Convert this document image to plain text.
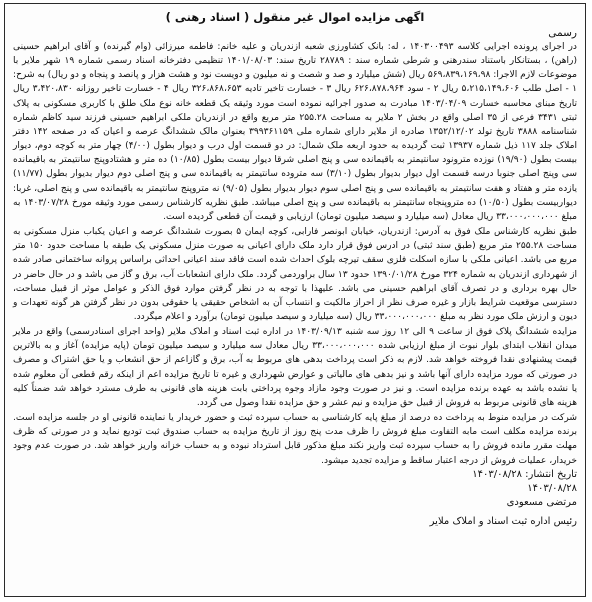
اگهی مزایده اموال غیر منقول ( اسناد رهنی )
رسمی

در اجرای پرونده اجرایی کلاسه ۱۴۰۳۰۰۴۹۳ ، له: بانک کشاورزی شعبه ازندریان و علیه خانم: فاطمه میرزائی (وام گیرنده) و آقای ابراهیم حسینی (راهن) ، بستانکار باستناد سندرهنی و شرطی شماره سند : ۲۸۷۸۹ تاریخ سند: ۱۴۰۱/۰۸/۰۳ تنظیمی دفترخانه اسناد رسمی شماره ۱۹ شهر ملایر با موضوعات لازم الاجرا: ۵۶۹،۸۳۹،۱۶۹،۹۸ ریال (شش میلیارد و صد و شصت و نه میلیون و دویست نود و هشت هزار و پانصد و پنجاه و دو ریال) به شرح: ۱ - اصل طلب ۵،۲۱۵،۱۴۹،۶۰۶ ریال ۲ - سود ۶۲۶،۸۷۸،۹۶۴ ریال ۳ - خسارت تاخیر تادیه ۳۲۶،۸۶۸،۶۵۳ ریال ۴ - خسارت تاخیر روزانه ۳،۴۲۰،۸۳۰ ریال تاریخ مبنای محاسبه خسارت ۱۴۰۳/۰۴/۰۹ مبادرت به صدور اجرائیه نموده است مورد وثیقه یک قطعه خانه نوع ملک طلق با کاربری مسکونی به پلاک ثبتی ۳۴۳۱ فرعی از ۳۵ اصلی واقع در بخش ۲ ملایر به مساحت ۲۵۵.۲۸ متر مربع واقع در ازندریان ملکی ابراهیم حسینی فرزند سید کاظم شماره شناسنامه ۳۸۸۸ تاریخ تولد ۱۳۵۲/۱۲/۰۲ صادره از ملایر دارای شماره ملی ۳۹۹۳۶۱۱۵۹ بعنوان مالک ششدانگ عرصه و اعیان که در صفحه ۱۴۲ دفتر املاک جلد ۱۱۷ ذیل شماره ۱۳۹۳۷ ثبت گردیده به حدود اربعه ملک شمال: در دو قسمت اول درب و دیوار بطول (۴/۰۰) چهار متر به کوچه دوم، دیوار بیست بطول (۱۹/۹۰) نوزده مترونود سانتیمتر به باقیمانده سی و پنج اصلی شرقا دیوار بیست بطول (۱۰/۸۵) ده متر و هشتادوپنج سانتیمتر به باقیمانده سی وپنج اصلی جنوبا درسه قسمت اول دیوار بدیوار بطول (۳/۱۰) سه متروده سانتیمتر به باقیمانده سی و پنج اصلی دوم دیوار بدیوار بطول (۱۱/۷۷) یازده متر و هفتاد و هفت سانتیمتر به باقیمانده سی و پنج اصلی سوم دیوار بدیوار بطول (۹/۰۵) نه متروپنج سانتیمتر به باقیمانده سی و پنج اصلی، غربا: دیواربیست بطول (۱۰/۵۰) ده متروپنجاه سانتیمتر به باقیمانده سی و پنج اصلی میباشد. طبق نظریه کارشناس رسمی مورد وثیقه مورخ ۱۴۰۳/۰۷/۲۸ به مبلغ ۳۳،۰۰۰،۰۰۰،۰۰۰ ریال معادل (سه میلیارد و سیصد میلیون تومان) ارزیابی و قیمت آن قطعی گردیده است.

طبق نظریه کارشناس ملک فوق به آدرس: ازندریان، خیابان ابونصر فارابی، کوچه ایمان ۵ بصورت ششدانگ عرصه و اعیان یکباب منزل مسکونی به مساحت ۲۵۵.۲۸ متر مربع (طبق سند ثبتی) در ادرس فوق قرار دارد ملک دارای اعیانی به صورت منزل مسکونی یک طبقه با مساحت حدود ۱۵۰ متر مربع می باشد. اعیانی ملکی با سازه اسکلت فلزی سقف تیرچه بلوک احداث شده است فاقد سند اعیانی احداثی براساس پروانه ساختمانی صادر شده از شهرداری ازندریان به شماره ۳۲۴ مورخ ۱۳۹۰/۰۱/۲۸ حدود ۱۳ سال براوردمی گردد. ملک دارای انشعابات آب، برق و گاز می باشد و در حال حاضر در حال بهره برداری و در تصرف آقای ابراهیم حسینی می باشد. علیهذا با توجه به در نظر گرفتن موارد فوق الذکر و عوامل موثر از قبیل مساحت، دسترسی موقعیت شرایط بازار و غیره صرف نظر از احراز مالکیت و انتساب آن به اشخاص حقیقی یا حقوقی بدون در نظر گرفتن هر گونه تعهدات و دیون و ارزش ملک مورد نظر به مبلغ ۳۳،۰۰۰،۰۰۰،۰۰۰ ریال (سه میلیارد و سیصد میلیون تومان) برآورد و اعلام میگردد.

مزایده ششدانگ پلاک فوق از ساعت ۹ الی ۱۲ روز سه شنبه ۱۴۰۳/۰۹/۱۳ در اداره ثبت اسناد و املاک ملایر (واحد اجرای اسنادرسمی) واقع در ملایر میدان انقلاب ابتدای بلوار نبوت از مبلغ ارزیابی شده ۳۳،۰۰۰،۰۰۰،۰۰۰ ریال معادل سه میلیارد و سیصد میلیون تومان (پایه مزایده) آغاز و به بالاترین قیمت پیشنهادی نقدا فروخته خواهد شد. لازم به ذکر است پرداخت بدهی های مربوط به آب، برق و گازاعم از حق انشعاب و یا حق اشتراک و مصرف در صورتی که مورد مزایده دارای آنها باشد و نیز بدهی های مالیاتی و عوارض شهرداری و غیره تا تاریخ مزایده اعم از اینکه رقم قطعی آن معلوم شده یا نشده باشد به عهده برنده مزایده است. و نیز در صورت وجود مازاد وجوه پرداختی بابت هزینه های قانونی به طرف مسترد خواهد شد ضمناً کلیه هزینه های قانونی مربوط به فروش از قبیل حق مزایده و نیم عشر و حق مزایده نقدا وصول می گردد.

شرکت در مزایده منوط به پرداخت ده درصد از مبلغ پایه کارشناسی به حساب سپرده ثبت و حضور خریدار یا نماینده قانونی او در جلسه مزایده است. برنده مزایده مکلف است مابه التفاوت مبلغ فروش را ظرف مدت پنج روز از تاریخ مزایده به حساب صندوق ثبت تودیع نماید و در صورتی که ظرف مهلت مقرر مانده فروش را به حساب سپرده ثبت واریز نکند مبلغ مذکور قابل استرداد نبوده و به حساب خزانه واریز خواهد شد. در صورت عدم وجود خریدار، عملیات فروش از درجه اعتبار ساقط و مزایده تجدید میشود.

تاریخ انتشار: ۱۴۰۳/۰۸/۲۸
۱۴۰۳/۰۸/۲۸
مرتضی مسعودی
رئیس اداره ثبت اسناد و املاک ملایر
